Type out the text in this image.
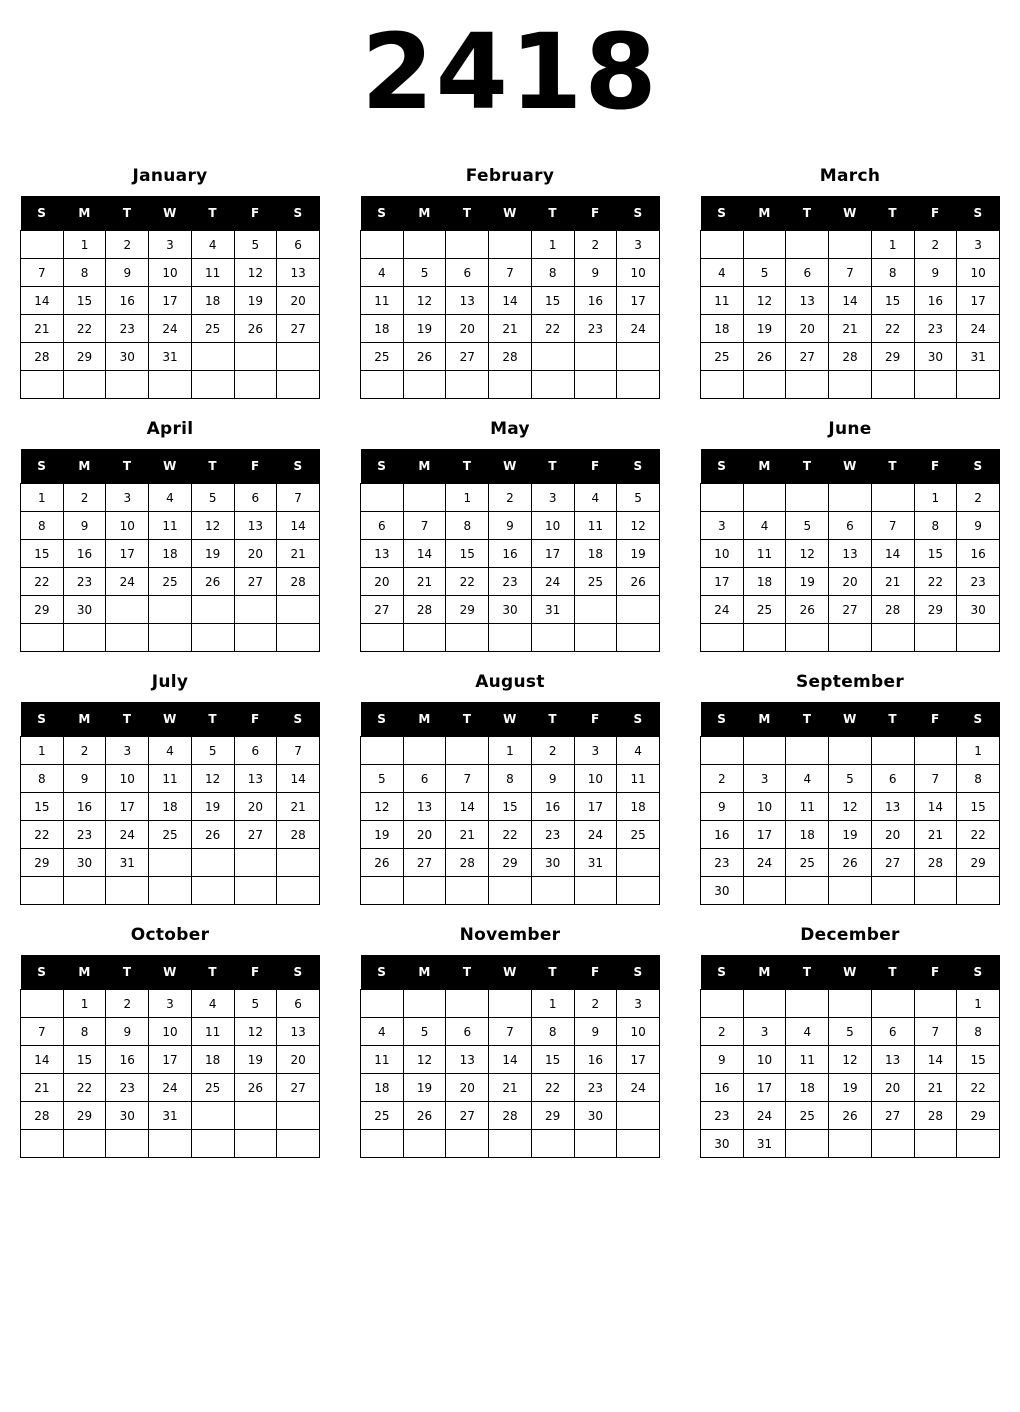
2418
January
S	M	T	W	T	F	S
	1	2	3	4	5	6
7	8	9	10	11	12	13
14	15	16	17	18	19	20
21	22	23	24	25	26	27
28	29	30	31			

February
S	M	T	W	T	F	S
				1	2	3
4	5	6	7	8	9	10
11	12	13	14	15	16	17
18	19	20	21	22	23	24
25	26	27	28			

March
S	M	T	W	T	F	S
				1	2	3
4	5	6	7	8	9	10
11	12	13	14	15	16	17
18	19	20	21	22	23	24
25	26	27	28	29	30	31

April
S	M	T	W	T	F	S
1	2	3	4	5	6	7
8	9	10	11	12	13	14
15	16	17	18	19	20	21
22	23	24	25	26	27	28
29	30					

May
S	M	T	W	T	F	S
		1	2	3	4	5
6	7	8	9	10	11	12
13	14	15	16	17	18	19
20	21	22	23	24	25	26
27	28	29	30	31		

June
S	M	T	W	T	F	S
					1	2
3	4	5	6	7	8	9
10	11	12	13	14	15	16
17	18	19	20	21	22	23
24	25	26	27	28	29	30

July
S	M	T	W	T	F	S
1	2	3	4	5	6	7
8	9	10	11	12	13	14
15	16	17	18	19	20	21
22	23	24	25	26	27	28
29	30	31				

August
S	M	T	W	T	F	S
			1	2	3	4
5	6	7	8	9	10	11
12	13	14	15	16	17	18
19	20	21	22	23	24	25
26	27	28	29	30	31	

September
S	M	T	W	T	F	S
						1
2	3	4	5	6	7	8
9	10	11	12	13	14	15
16	17	18	19	20	21	22
23	24	25	26	27	28	29
30						
October
S	M	T	W	T	F	S
	1	2	3	4	5	6
7	8	9	10	11	12	13
14	15	16	17	18	19	20
21	22	23	24	25	26	27
28	29	30	31			

November
S	M	T	W	T	F	S
				1	2	3
4	5	6	7	8	9	10
11	12	13	14	15	16	17
18	19	20	21	22	23	24
25	26	27	28	29	30	

December
S	M	T	W	T	F	S
						1
2	3	4	5	6	7	8
9	10	11	12	13	14	15
16	17	18	19	20	21	22
23	24	25	26	27	28	29
30	31					
